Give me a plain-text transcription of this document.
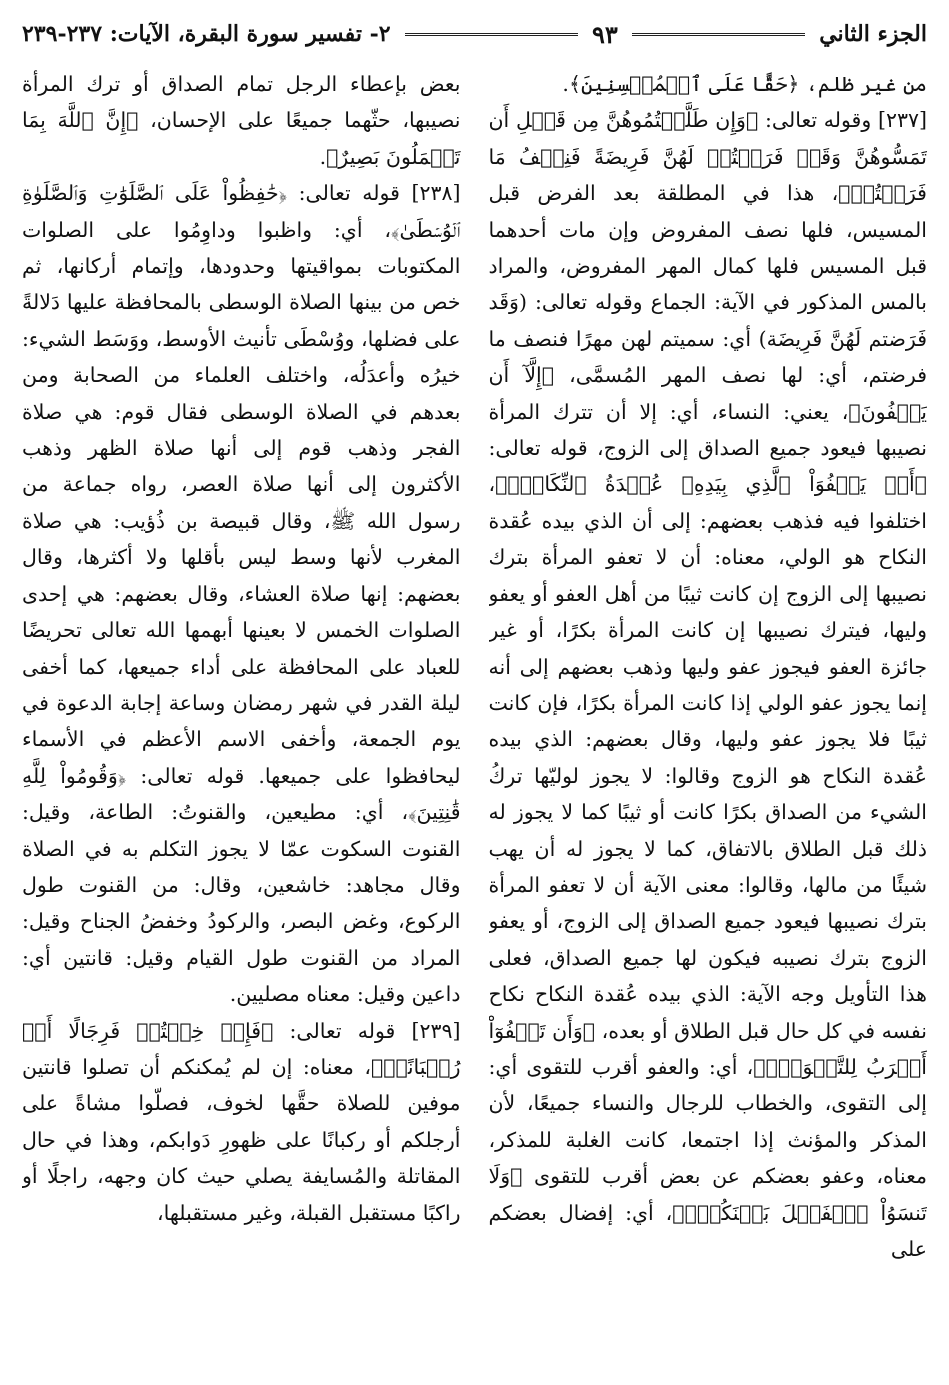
الجزء الثاني
٩٣
٢- تفسير سورة البقرة، الآيات: ٢٣٧-٢٣٩

من غير ظلم، ﴿حَقًّا عَلَى ٱلۡمُحۡسِنِينَ﴾.

[٢٣٧] وقوله تعالى: ﴿وَإِن طَلَّقۡتُمُوهُنَّ مِن قَبۡلِ أَن تَمَسُّوهُنَّ وَقَدۡ فَرَضۡتُمۡ لَهُنَّ فَرِيضَةً فَنِصۡفُ مَا فَرَضۡتُمۡ﴾، هذا في المطلقة بعد الفرض قبل المسيس، فلها نصف المفروض وإن مات أحدهما قبل المسيس فلها كمال المهر المفروض، والمراد بالمس المذكور في الآية: الجماع وقوله تعالى: (وَقَد فَرَضتم لَهُنَّ فَرِيضَة) أي: سميتم لهن مهرًا فنصف ما فرضتم، أي: لها نصف المهر المُسمَّى، ﴿إِلَّآ أَن يَعۡفُونَ﴾، يعني: النساء، أي: إلا أن تترك المرأة نصيبها فيعود جميع الصداق إلى الزوج، قوله تعالى: ﴿أَوۡ يَعۡفُوَاْ ٱلَّذِي بِيَدِهِۦ عُقۡدَةُ ٱلنِّكَاحِۚ﴾، اختلفوا فيه فذهب بعضهم: إلى أن الذي بيده عُقدة النكاح هو الولي، معناه: أن لا تعفو المرأة بترك نصيبها إلى الزوج إن كانت ثيبًا من أهل العفو أو يعفو وليها، فيترك نصيبها إن كانت المرأة بكرًا، أو غير جائزة العفو فيجوز عفو وليها وذهب بعضهم إلى أنه إنما يجوز عفو الولي إذا كانت المرأة بكرًا، فإن كانت ثيبًا فلا يجوز عفو وليها، وقال بعضهم: الذي بيده عُقدة النكاح هو الزوج وقالوا: لا يجوز لوليّها تركُ الشيء من الصداق بكرًا كانت أو ثيبًا كما لا يجوز له ذلك قبل الطلاق بالاتفاق، كما لا يجوز له أن يهب شيئًا من مالها، وقالوا: معنى الآية أن لا تعفو المرأة بترك نصيبها فيعود جميع الصداق إلى الزوج، أو يعفو الزوج بترك نصيبه فيكون لها جميع الصداق، فعلى هذا التأويل وجه الآية: الذي بيده عُقدة النكاح نكاح نفسه في كل حال قبل الطلاق أو بعده، ﴿وَأَن تَعۡفُوٓاْ أَقۡرَبُ لِلتَّقۡوَىٰۚ﴾، أي: والعفو أقرب للتقوى أي: إلى التقوى، والخطاب للرجال والنساء جميعًا، لأن المذكر والمؤنث إذا اجتمعا، كانت الغلبة للمذكر، معناه، وعفو بعضكم عن بعض أقرب للتقوى ﴿وَلَا تَنسَوُاْ ٱلۡفَضۡلَ بَيۡنَكُمۡۚ﴾، أي: إفضال بعضكم على

بعض بإعطاء الرجل تمام الصداق أو ترك المرأة نصيبها، حثّهما جميعًا على الإحسان، ﴿إِنَّ ٱللَّهَ بِمَا تَعۡمَلُونَ بَصِيرٌ﴾.

[٢٣٨] قوله تعالى: ﴿حَٰفِظُواْ عَلَى ٱلصَّلَوَٰتِ وَٱلصَّلَوٰةِ ٱلۡوُسۡطَىٰ﴾، أي: واظبوا وداوِمُوا على الصلوات المكتوبات بمواقيتها وحدودها، وإتمام أركانها، ثم خص من بينها الصلاة الوسطى بالمحافظة عليها دَلالةً على فضلها، ووُسْطَى تأنيث الأوسط، ووَسَط الشيء: خيرُه وأعدَلُه، واختلف العلماء من الصحابة ومن بعدهم في الصلاة الوسطى فقال قوم: هي صلاة الفجر وذهب قوم إلى أنها صلاة الظهر وذهب الأكثرون إلى أنها صلاة العصر، رواه جماعة من رسول الله ﷺ، وقال قبيصة بن ذُؤيب: هي صلاة المغرب لأنها وسط ليس بأقلها ولا أكثرها، وقال بعضهم: إنها صلاة العشاء، وقال بعضهم: هي إحدى الصلوات الخمس لا بعينها أبهمها الله تعالى تحريضًا للعباد على المحافظة على أداء جميعها، كما أخفى ليلة القدر في شهر رمضان وساعة إجابة الدعوة في يوم الجمعة، وأخفى الاسم الأعظم في الأسماء ليحافظوا على جميعها. قوله تعالى: ﴿وَقُومُواْ لِلَّهِ قَٰنِتِينَ﴾، أي: مطيعين، والقنوتُ: الطاعة، وقيل: القنوت السكوت عمّا لا يجوز التكلم به في الصلاة وقال مجاهد: خاشعين، وقال: من القنوت طول الركوع، وغض البصر، والركودُ وخفضُ الجناح وقيل: المراد من القنوت طول القيام وقيل: قانتين أي: داعين وقيل: معناه مصليين.

[٢٣٩] قوله تعالى: ﴿فَإِنۡ خِفۡتُمۡ فَرِجَالًا أَوۡ رُكۡبَانًاۖ﴾، معناه: إن لم يُمكنكم أن تصلوا قانتين موفين للصلاة حقَّها لخوف، فصلّوا مشاةً على أرجلكم أو ركبانًا على ظهورِ دَوابكم، وهذا في حال المقاتلة والمُسايفة يصلي حيث كان وجهه، راجلًا أو راكبًا مستقبل القبلة، وغير مستقبلها،
